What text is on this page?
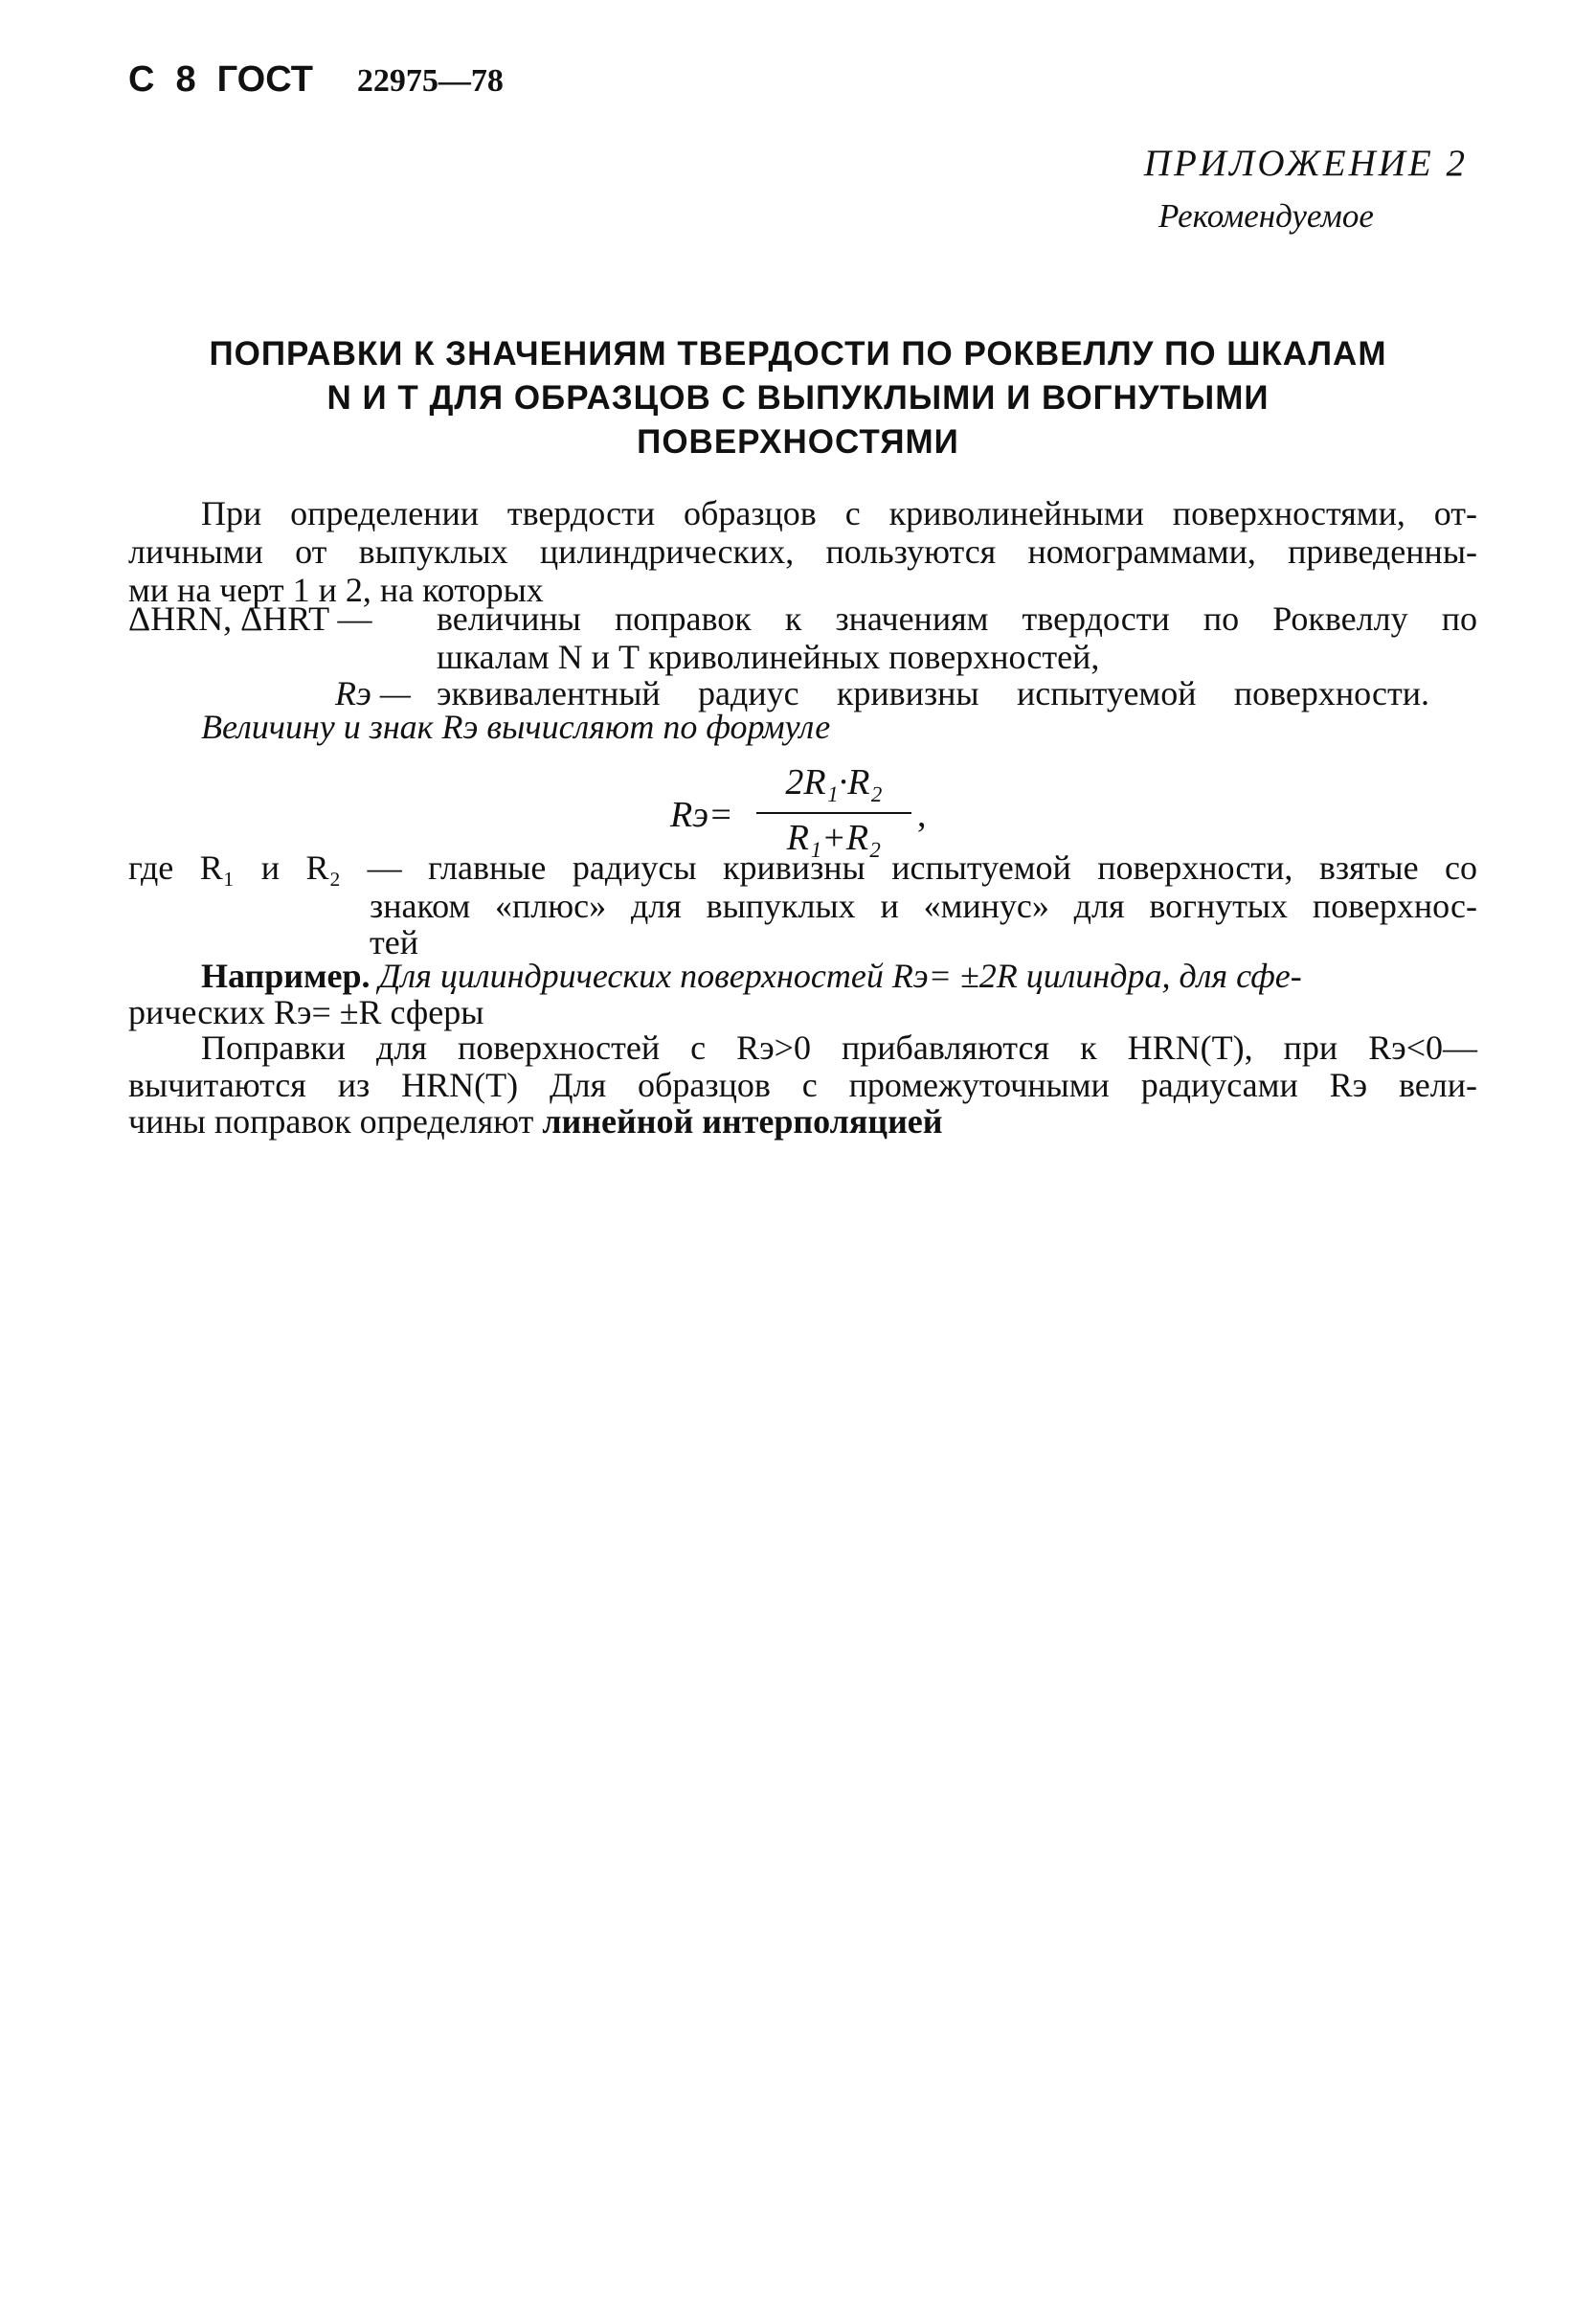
С 8 ГОСТ 22975—78
ПРИЛОЖЕНИЕ 2
Рекомендуемое
ПОПРАВКИ К ЗНАЧЕНИЯМ ТВЕРДОСТИ ПО РОКВЕЛЛУ ПО ШКАЛАМ
N И Т ДЛЯ ОБРАЗЦОВ С ВЫПУКЛЫМИ И ВОГНУТЫМИ
ПОВЕРХНОСТЯМИ
При определении твердости образцов с криволинейными поверхностями, от-
личными от выпуклых цилиндрических, пользуются номограммами, приведенны-
ми на черт 1 и 2, на которых
ΔHRN, ΔHRT — величины поправок к значениям твердости по Роквеллу по
шкалам N и Т криволинейных поверхностей,
Rэ — эквивалентный радиус кривизны испытуемой поверхности.
Величину и знак Rэ вычисляют по формуле
Rэ=
2R₁·R₂
R₁+R₂
,
где R₁ и R₂ — главные радиусы кривизны испытуемой поверхности, взятые со
знаком «плюс» для выпуклых и «минус» для вогнутых поверхнос-
тей
Например. Для цилиндрических поверхностей Rэ= ±2R цилиндра, для сфе-
рических Rэ= ±R сферы
Поправки для поверхностей с Rэ>0 прибавляются к HRN(T), при Rэ<0—
вычитаются из HRN(T) Для образцов с промежуточными радиусами Rэ вели-
чины поправок определяют линейной интерполяцией
